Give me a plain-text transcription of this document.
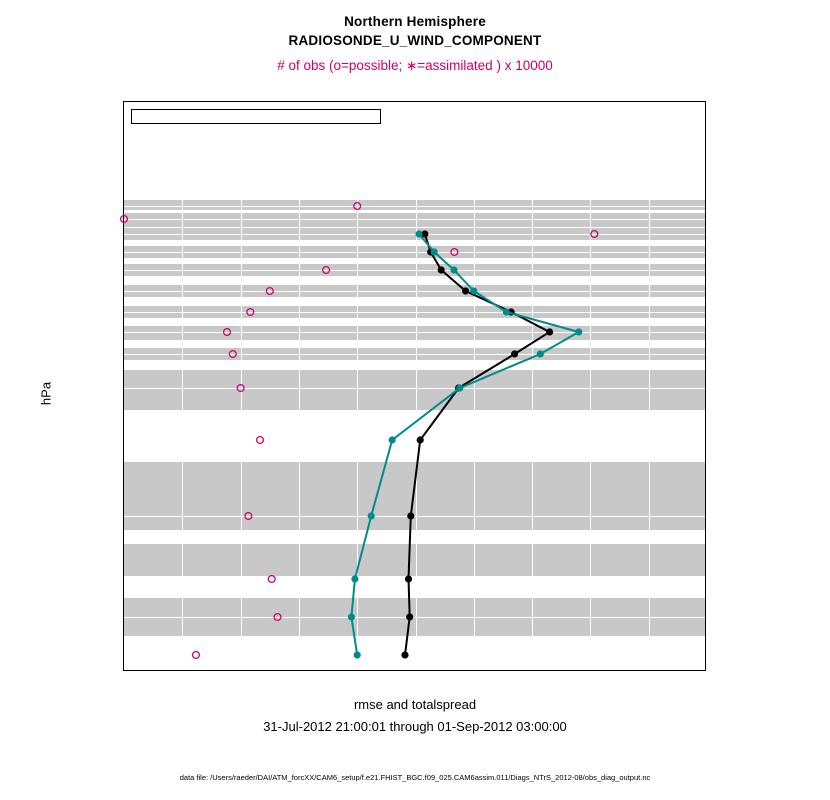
Northern Hemisphere
RADIOSONDE_U_WIND_COMPONENT
# of obs (o=possible; ∗=assimilated ) x 10000
rmse and totalspread
31-Jul-2012 21:00:01 through 01-Sep-2012 03:00:00
hPa
data file: /Users/raeder/DAI/ATM_forcXX/CAM6_setup/f.e21.FHIST_BGC.f09_025.CAM6assim.011/Diags_NTrS_2012-08/obs_diag_output.nc
